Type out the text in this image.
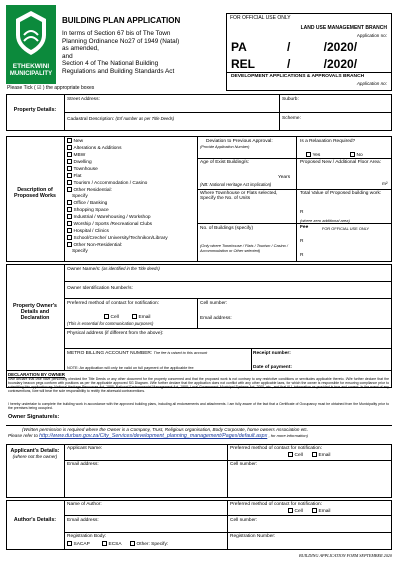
ETHEKWINI
MUNICIPALITY
BUILDING PLAN APPLICATION
In terms of Section 67 bis of The Town
Planning Ordinance No27 of 1949 (Natal)
as amended,
and
Section 4 of The National Building
Regulations and Building Standards Act
FOR OFFICIAL USE ONLY
LAND USE MANAGEMENT BRANCH
Application no:
PA	/          /2020/
REL	/          /2020/
DEVELOPMENT APPLICATIONS & APPROVALS BRANCH
Application no:
Please Tick ( ☑ ) the appropriate boxes
Property Details:
Street Address:	Suburb:
Cadastral Description: (Erf number as per Title Deeds)	Scheme:
Description of Proposed Works
New
Alterations & Additions
MBW
Dwelling
Townhouse
Flat
Tourism / Accommodation / Casino
Other Residential:
Specify
Office / Banking
Shopping Space
Industrial / Warehousing / Workshop
Worship / Sports /Recreational Clubs
Hospital / Clinics
School/Creche/ University/Technikon/Library
Other Non-Residential:
Specify
Deviation to Previous Approval:
(Provide Application Number)
Age of Exist Building/s:
Years
(NB: National Heritage Act implication)
Where Townhouse or Flats selected, Specify the No. of Units
No. of Buildings (specify)
(Only where Townhouse / Flats / Tourism / Casino / Accommodation or Other selected)
Is a Relaxation Required?
Yes	No
Proposed New / Additional Floor Area:
m²
Total Value of Proposed building work:
R
(where zero additional area)
Fee	FOR OFFICIAL USE ONLY
R
R
Property Owner's Details and Declaration
Owner Name/s: (as identified in the Title deeds)
Owner Identification Number/s:
Preferred method of contact for notification:
Cell	Email
(This is essential for communication purposes)
Cell number:
Email address:
Physical address (if different from the above):
METRO BILLING ACCOUNT NUMBER: The fee is raised to this account	Receipt number:
NOTE: An application will only be valid on full payment of the applicable fee	Date of payment:
DECLARATION BY OWNER
I/We declare that I/we have personally checked the Title Deeds or any other document for the property concerned and that the proposed work is not contrary to any restrictive conditions or servitudes applicable thereto. I/We further declare that the boundary beacon pegs conform with positions as per the applicable approved SG Diagram. I/We further declare that the application does not conflict with any other applicable laws, for which the owner is responsible for ensuring compliance prior to submitting this application eg: National Heritage Resources Act, 1999; National Environmental Management Act, 1998; Local Government: Municipal Systems Act, 2000, etc., and that ALL information as provided is true and correct. In the event of any contraventions, I/we will bear the sole responsibility to rectify the aforesaid contraventions.
I hereby undertake to complete the building work in accordance with the approved building plans, including all endorsements and attachments. I am fully aware of the fact that a Certificate of Occupancy must be obtained from the Municipality prior to the premises being occupied.
Owner Signature/s:
(Written permission is required where the Owner is a Company, Trust, Religious organisation, Body Corporate, home owners Association etc.
Please refer to http://www.durban.gov.za/City_Services/development_planning_management/Pages/default.aspx , for more information)
Applicant's Details:
(where not the owner)
Applicant Name:	Preferred method of contact for notification:
Cell	Email
Email address:	Cell number:
Author's Details:
Name of Author:	Preferred method of contact for notification:
Cell	Email
Email address:	Cell number:
Registration Body:
SACAP	ECSA	Other: Specify:
Registration Number:
BUILDING APPLICATION FORM SEPTEMBER 2020
